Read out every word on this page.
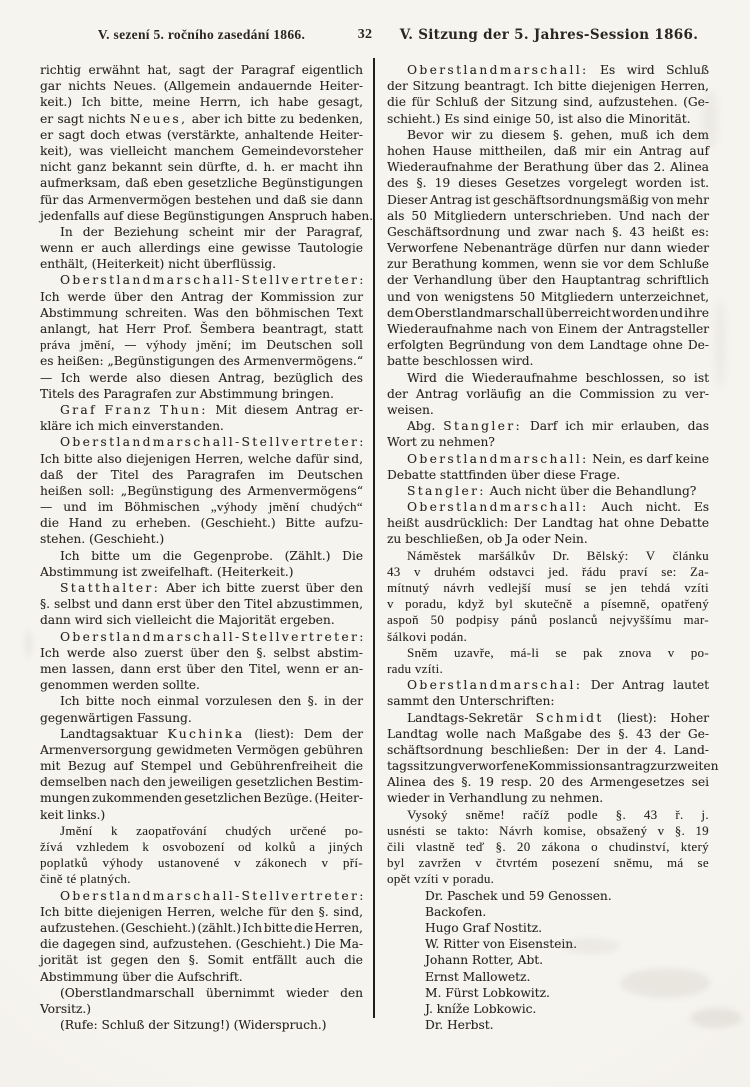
V. sezení 5. ročního zasedání 1866.	32	V. Sitzung der 5. Jahres-Session 1866.
richtig erwähnt hat, sagt der Paragraf eigentlich
gar nichts Neues. (Allgemein andauernde Heiter-
keit.) Ich bitte, meine Herrn, ich habe gesagt,
er sagt nichts Neues, aber ich bitte zu bedenken,
er sagt doch etwas (verstärkte, anhaltende Heiter-
keit), was vielleicht manchem Gemeindevorsteher
nicht ganz bekannt sein dürfte, d. h. er macht ihn
aufmerksam, daß eben gesetzliche Begünstigungen
für das Armenvermögen bestehen und daß sie dann
jedenfalls auf diese Begünstigungen Anspruch haben.
In der Beziehung scheint mir der Paragraf,
wenn er auch allerdings eine gewisse Tautologie
enthält, (Heiterkeit) nicht überflüssig.
Oberstlandmarschall-Stellvertreter:
Ich werde über den Antrag der Kommission zur
Abstimmung schreiten. Was den böhmischen Text
anlangt, hat Herr Prof. Šembera beantragt, statt
práva jmění, — výhody jmění; im Deutschen soll
es heißen: „Begünstigungen des Armenvermögens.“
— Ich werde also diesen Antrag, bezüglich des
Titels des Paragrafen zur Abstimmung bringen.
Graf Franz Thun: Mit diesem Antrag er-
kläre ich mich einverstanden.
Oberstlandmarschall-Stellvertreter:
Ich bitte also diejenigen Herren, welche dafür sind,
daß der Titel des Paragrafen im Deutschen
heißen soll: „Begünstigung des Armenvermögens“
— und im Böhmischen „výhody jmění chudých“
die Hand zu erheben. (Geschieht.) Bitte aufzu-
stehen. (Geschieht.)
Ich bitte um die Gegenprobe. (Zählt.) Die
Abstimmung ist zweifelhaft. (Heiterkeit.)
Statthalter: Aber ich bitte zuerst über den
§. selbst und dann erst über den Titel abzustimmen,
dann wird sich vielleicht die Majorität ergeben.
Oberstlandmarschall-Stellvertreter:
Ich werde also zuerst über den §. selbst abstim-
men lassen, dann erst über den Titel, wenn er an-
genommen werden sollte.
Ich bitte noch einmal vorzulesen den §. in der
gegenwärtigen Fassung.
Landtagsaktuar Kuchinka (liest): Dem der
Armenversorgung gewidmeten Vermögen gebühren
mit Bezug auf Stempel und Gebührenfreiheit die
demselben nach den jeweiligen gesetzlichen Bestim-
mungen zukommenden gesetzlichen Bezüge. (Heiter-
keit links.)
Jmění k zaopatřování chudých určené po-
žívá vzhledem k osvobození od kolků a jiných
poplatků výhody ustanovené v zákonech v pří-
čině té platných.
Oberstlandmarschall-Stellvertreter:
Ich bitte diejenigen Herren, welche für den §. sind,
aufzustehen. (Geschieht.) (zählt.) Ich bitte die Herren,
die dagegen sind, aufzustehen. (Geschieht.) Die Ma-
jorität ist gegen den §. Somit entfällt auch die
Abstimmung über die Aufschrift.
(Oberstlandmarschall übernimmt wieder den
Vorsitz.)
(Rufe: Schluß der Sitzung!) (Widerspruch.)
Oberstlandmarschall: Es wird Schluß
der Sitzung beantragt. Ich bitte diejenigen Herren,
die für Schluß der Sitzung sind, aufzustehen. (Ge-
schieht.) Es sind einige 50, ist also die Minorität.
Bevor wir zu diesem §. gehen, muß ich dem
hohen Hause mittheilen, daß mir ein Antrag auf
Wiederaufnahme der Berathung über das 2. Alinea
des §. 19 dieses Gesetzes vorgelegt worden ist.
Dieser Antrag ist geschäftsordnungsmäßig von mehr
als 50 Mitgliedern unterschrieben. Und nach der
Geschäftsordnung und zwar nach §. 43 heißt es:
Verworfene Nebenanträge dürfen nur dann wieder
zur Berathung kommen, wenn sie vor dem Schluße
der Verhandlung über den Hauptantrag schriftlich
und von wenigstens 50 Mitgliedern unterzeichnet,
dem Oberstlandmarschall überreicht worden und ihre
Wiederaufnahme nach von Einem der Antragsteller
erfolgten Begründung von dem Landtage ohne De-
batte beschlossen wird.
Wird die Wiederaufnahme beschlossen, so ist
der Antrag vorläufig an die Commission zu ver-
weisen.
Abg. Stangler: Darf ich mir erlauben, das
Wort zu nehmen?
Oberstlandmarschall: Nein, es darf keine
Debatte stattfinden über diese Frage.
Stangler: Auch nicht über die Behandlung?
Oberstlandmarschall: Auch nicht. Es
heißt ausdrücklich: Der Landtag hat ohne Debatte
zu beschließen, ob Ja oder Nein.
Náměstek maršálkův Dr. Bělský: V článku
43 v druhém odstavci jed. řádu praví se: Za-
mítnutý návrh vedlejší musí se jen tehdá vzíti
v poradu, když byl skutečně a písemně, opatřený
aspoň 50 podpisy pánů poslanců nejvyššímu mar-
šálkovi podán.
Sněm uzavře, má-li se pak znova v po-
radu vzíti.
Oberstlandmarschal: Der Antrag lautet
sammt den Unterschriften:
Landtags-Sekretär Schmidt (liest): Hoher
Landtag wolle nach Maßgabe des §. 43 der Ge-
schäftsordnung beschließen: Der in der 4. Land-
tagssitzung verworfene Kommissionsantrag zur zweiten
Alinea des §. 19 resp. 20 des Armengesetzes sei
wieder in Verhandlung zu nehmen.
Vysoký sněme! račíž podle §. 43 ř. j.
usnésti se takto: Návrh komise, obsažený v §. 19
čili vlastně teď §. 20 zákona o chudinství, který
byl zavržen v čtvrtém posezení sněmu, má se
opět vzíti v poradu.
Dr. Paschek und 59 Genossen.
Backofen.
Hugo Graf Nostitz.
W. Ritter von Eisenstein.
Johann Rotter, Abt.
Ernst Mallowetz.
M. Fürst Lobkowitz.
J. kníže Lobkowic.
Dr. Herbst.
